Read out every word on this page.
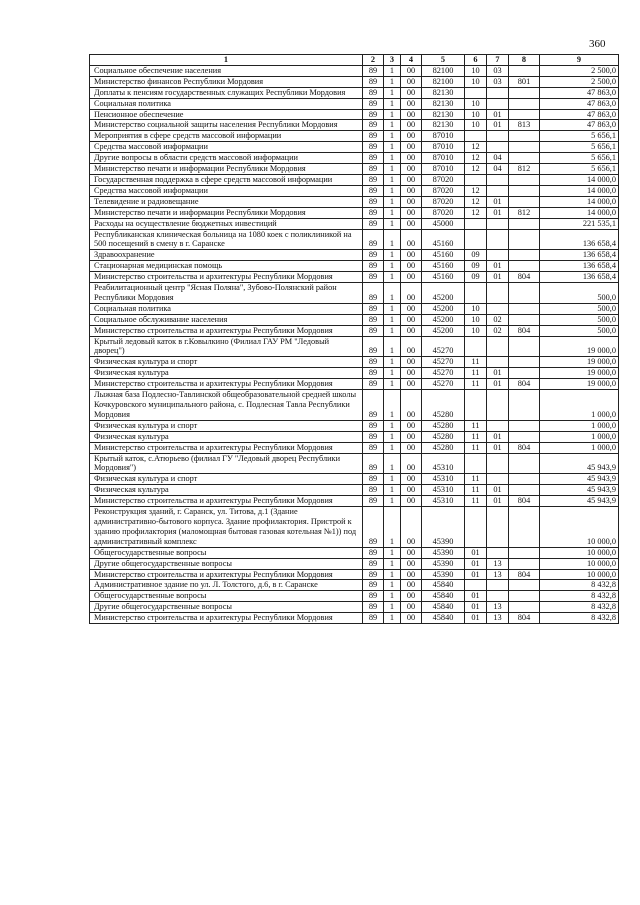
360
1	2	3	4	5	6	7	8	9
Социальное обеспечение населения	89	1	00	82100	10	03		2 500,0
Министерство финансов Республики Мордовия	89	1	00	82100	10	03	801	2 500,0
Доплаты к пенсиям государственных служащих Республики Мордовия	89	1	00	82130				47 863,0
Социальная политика	89	1	00	82130	10			47 863,0
Пенсионное обеспечение	89	1	00	82130	10	01		47 863,0
Министерство социальной защиты населения Республики Мордовия	89	1	00	82130	10	01	813	47 863,0
Мероприятия в сфере средств массовой информации	89	1	00	87010				5 656,1
Средства массовой информации	89	1	00	87010	12			5 656,1
Другие вопросы в области средств массовой информации	89	1	00	87010	12	04		5 656,1
Министерство печати и информации Республики Мордовия	89	1	00	87010	12	04	812	5 656,1
Государственная поддержка в сфере средств массовой информации	89	1	00	87020				14 000,0
Средства массовой информации	89	1	00	87020	12			14 000,0
Телевидение и радиовещание	89	1	00	87020	12	01		14 000,0
Министерство печати и информации Республики Мордовия	89	1	00	87020	12	01	812	14 000,0
Расходы на осуществление бюджетных инвестиций	89	1	00	45000				221 535,1
Республиканская клиническая больница на 1080 коек с поликлиникой на 500 посещений в смену в г. Саранске	89	1	00	45160				136 658,4
Здравоохранение	89	1	00	45160	09			136 658,4
Стационарная медицинская помощь	89	1	00	45160	09	01		136 658,4
Министерство строительства и архитектуры Республики Мордовия	89	1	00	45160	09	01	804	136 658,4
Реабилитационный центр "Ясная Поляна", Зубово-Полянский район Республики Мордовия	89	1	00	45200				500,0
Социальная политика	89	1	00	45200	10			500,0
Социальное обслуживание населения	89	1	00	45200	10	02		500,0
Министерство строительства и архитектуры Республики Мордовия	89	1	00	45200	10	02	804	500,0
Крытый ледовый каток в г.Ковылкино (Филиал ГАУ РМ "Ледовый дворец")	89	1	00	45270				19 000,0
Физическая культура и спорт	89	1	00	45270	11			19 000,0
Физическая культура	89	1	00	45270	11	01		19 000,0
Министерство строительства и архитектуры Республики Мордовия	89	1	00	45270	11	01	804	19 000,0
Лыжная база Подлесно-Тавлинской общеобразовательной средней школы Кочкуровского муниципального района, с. Подлесная Тавла Республики Мордовия	89	1	00	45280				1 000,0
Физическая культура и спорт	89	1	00	45280	11			1 000,0
Физическая культура	89	1	00	45280	11	01		1 000,0
Министерство строительства и архитектуры Республики Мордовия	89	1	00	45280	11	01	804	1 000,0
Крытый каток, с.Атюрьево (филиал ГУ "Ледовый дворец Республики Мордовия")	89	1	00	45310				45 943,9
Физическая культура и спорт	89	1	00	45310	11			45 943,9
Физическая культура	89	1	00	45310	11	01		45 943,9
Министерство строительства и архитектуры Республики Мордовия	89	1	00	45310	11	01	804	45 943,9
Реконструкция зданий, г. Саранск, ул. Титова, д.1 (Здание административно-бытового корпуса. Здание профилактория. Пристрой к зданию профилактория (маломощная бытовая газовая котельная №1)) под административный комплекс	89	1	00	45390				10 000,0
Общегосударственные вопросы	89	1	00	45390	01			10 000,0
Другие общегосударственные вопросы	89	1	00	45390	01	13		10 000,0
Министерство строительства и архитектуры Республики Мордовия	89	1	00	45390	01	13	804	10 000,0
Административное здание по ул. Л. Толстого, д.6, в г. Саранске	89	1	00	45840				8 432,8
Общегосударственные вопросы	89	1	00	45840	01			8 432,8
Другие общегосударственные вопросы	89	1	00	45840	01	13		8 432,8
Министерство строительства и архитектуры Республики Мордовия	89	1	00	45840	01	13	804	8 432,8
